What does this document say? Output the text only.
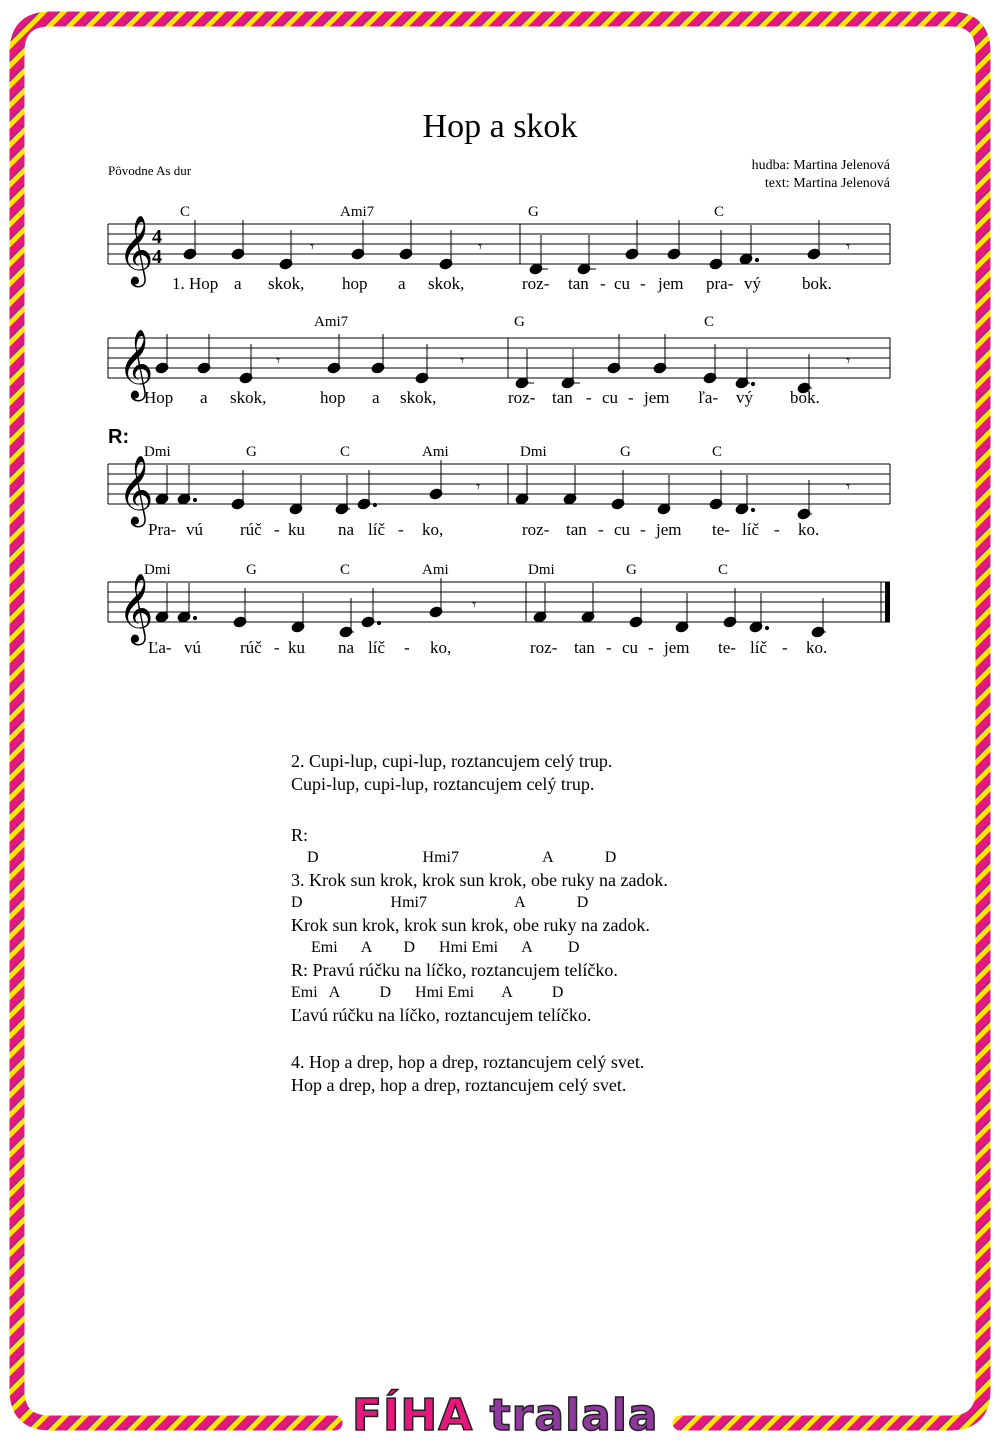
Hop a skok
Pôvodne As dur	hudba: Martina Jelenová
text: Martina Jelenová
R:
𝄞
4
4	𝄾	𝄾	𝄾
C	Ami7	G	C
1. Hop a skok, hop a skok,	roz- tan - cu - jem pra- vý bok.
𝄞	𝄾	𝄾	𝄾
Ami7	G	C
Hop a skok,	hop a skok,	roz- tan - cu - jem ľa- vý bok.
𝄞	𝄾	𝄾
Dmi	G	C	Ami	Dmi	G	C
Pra- vú rúč - ku na líč - ko,	roz- tan - cu - jem te- líč - ko.
𝄞	𝄾
Dmi	G	C	Ami	Dmi	G	C
Ľa- vú rúč - ku na líč - ko,	roz- tan - cu - jem te- líč - ko.
2. Cupi-lup, cupi-lup, roztancujem celý trup.
Cupi-lup, cupi-lup, roztancujem celý trup.
R:
D                          Hmi7                     A             D
3. Krok sun krok, krok sun krok, obe ruky na zadok.
D                      Hmi7                      A             D
Krok sun krok, krok sun krok, obe ruky na zadok.
Emi      A        D      Hmi Emi      A         D
R: Pravú rúčku na líčko, roztancujem telíčko.
Emi   A          D      Hmi Emi       A          D
Ľavú rúčku na líčko, roztancujem telíčko.
4. Hop a drep, hop a drep, roztancujem celý svet.
Hop a drep, hop a drep, roztancujem celý svet.
FÍHA tralala
